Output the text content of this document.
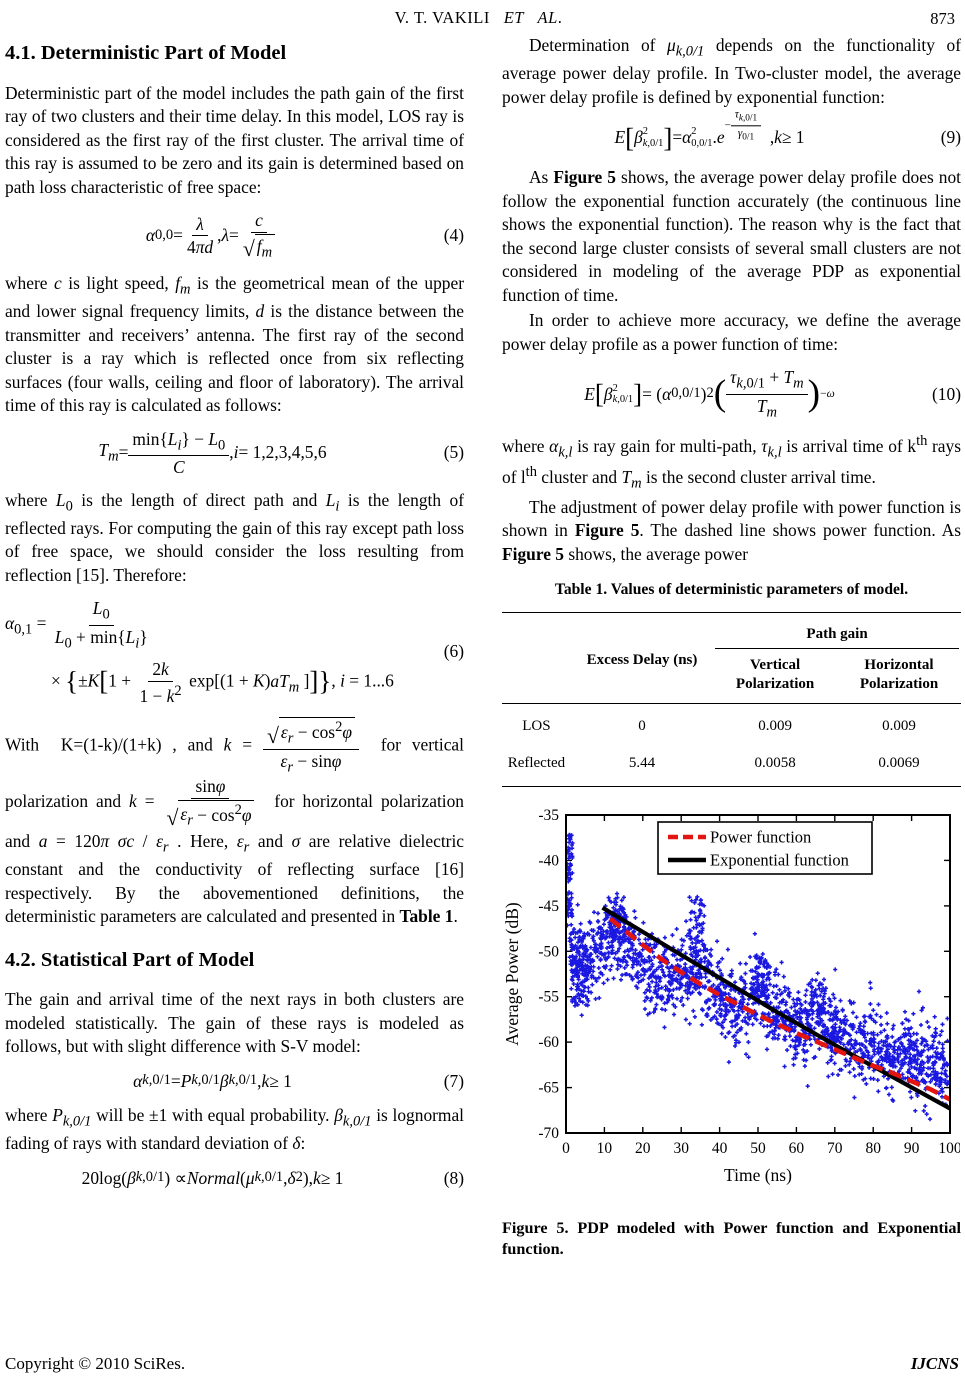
V. T. VAKILI   ET   AL.	873
4.1. Deterministic Part of Model

Deterministic part of the model includes the path gain of the first ray of two clusters and their time delay. In this model, LOS ray is considered as the first ray of the first cluster. The arrival time of this ray is assumed to be zero and its gain is determined based on path loss characteristic of free space:

α $0,0 = \frac{\lambda}{4\pi d}$ , $\lambda = \frac{c}{√ f_m}$	(4)

where c is light speed, $f_m$ is the geometrical mean of the upper and lower signal frequency limits, d is the distance between the transmitter and receivers’ antenna. The first ray of the second cluster is a ray which is reflected once from six reflecting surfaces (four walls, ceiling and floor of laboratory). The arrival time of this ray is calculated as follows:

$T_m = \frac{\min\{L_i\} - L_0}{C}$ , i = 1,2,3,4,5,6	(5)

where $L_0$ is the length of direct path and $L_i$ is the length of reflected rays. For computing the gain of this ray except path loss of free space, we should consider the loss resulting from reflection [15]. Therefore:

$\alpha_{0,1} = \frac{L_0}{L_0 + \min\{L_i\}}$
× {$\pm K[1 + \frac{2k}{1 - k^2} \exp[(1 + K)aT_m$ ]]}, i = 1...6
(6)

With  K=(1-k)/(1+k) , and $k = \frac{√ \varepsilon_r - \cos^2\varphi}{\varepsilon_r - \sin\varphi}$ for vertical polarization and $k = \frac{\sin\varphi}{√ \varepsilon_r - \cos^2\varphi}$ for horizontal polarization and a = 120π σc / $\varepsilon_r$ . Here, $\varepsilon_r$ and σ are relative dielectric constant and the conductivity of reflecting surface [16] respectively. By the abovementioned definitions, the deterministic parameters are calculated and presented in Table 1.

4.2. Statistical Part of Model

The gain and arrival time of the next rays in both clusters are modeled statistically. The gain of these rays is modeled as follows, but with slight difference with S-V model:

α k,0/1 = P k,0/1 β k,0/1 , k ≥ 1	(7)

where $P_{k,0/1}$ will be ±1 with equal probability. $\beta_{k,0/1}$ is lognormal fading of rays with standard deviation of δ:

20log( β k,0/1 ) ∝ Normal ( μ k,0/1 , δ 2 ), k ≥ 1	(8)

Determination of $\mu_{k,0/1}$ depends on the functionality of average power delay profile. In Two-cluster model, the average power delay profile is defined by exponential function:

E [ β 2
k,0/1 ] = α 2
0,0/1 . e
− $\frac{\tau_{k,0/1}}{\gamma_{0/1}}$ , k ≥ 1	(9)

As Figure 5 shows, the average power delay profile does not follow the exponential function accurately (the continuous line shows the exponential function). The reason why is the fact that the second large cluster consists of several small clusters are not considered in modeling of the average PDP as exponential function of time.

In order to achieve more accuracy, we define the average power delay profile as a power function of time:

E [ β 2
k,0/1 ] = ( α 0,0/1 ) 2 ( $\frac{\tau_{k,0/1} + T_m}{T_m}$ ) −ω	(10)

where $\alpha_{k,l}$ is ray gain for multi-path, $\tau_{k,l}$ is arrival time of $k^{th}$ rays of $l^{th}$ cluster and $T_m$ is the second cluster arrival time.

The adjustment of power delay profile with power function is shown in Figure 5. The dashed line shows power function. As Figure 5 shows, the average power

Table 1. Values of deterministic parameters of model.
Excess Delay (ns)
Path gain
Vertical Polarization
Horizontal Polarization
LOS	0	0.009	0.009
Reflected	5.44	0.0058	0.0069
0 10 20 30 40 50 60 70 80 90 100
-70
-65
-60
-55
-50
-45
-40
-35
Power function
Exponential function
Time (ns)
Average Power (dB)
Figure 5. PDP modeled with Power function and Exponential function.
Copyright © 2010 SciRes.	IJCNS
